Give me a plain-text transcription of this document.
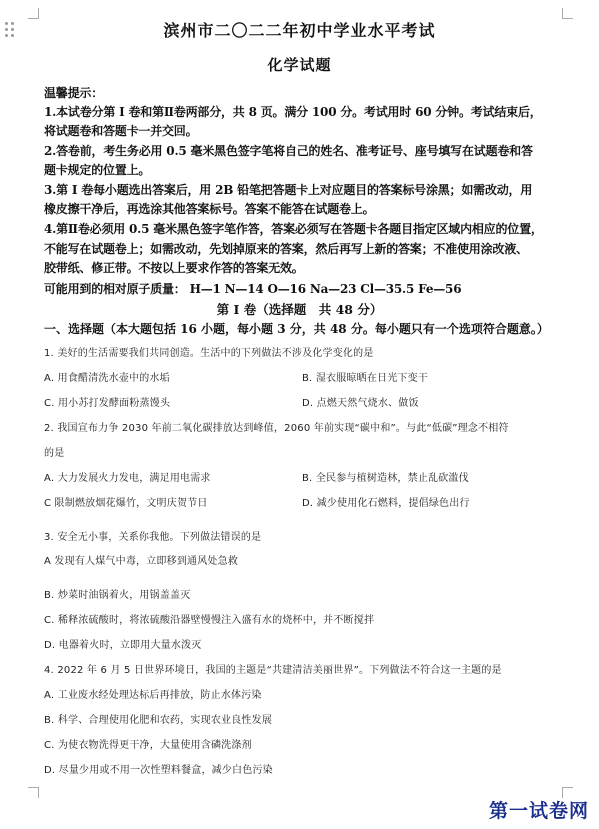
滨州市二〇二二年初中学业水平考试
化学试题
温馨提示：
1.本试卷分第 I 卷和第Ⅱ卷两部分，共 8 页。满分 100 分。考试用时 60 分钟。考试结束后，
将试题卷和答题卡一并交回。
2.答卷前，考生务必用 0.5 毫米黑色签字笔将自己的姓名、准考证号、座号填写在试题卷和答
题卡规定的位置上。
3.第 I 卷每小题选出答案后，用 2B 铅笔把答题卡上对应题目的答案标号涂黑；如需改动，用
橡皮擦干净后，再选涂其他答案标号。答案不能答在试题卷上。
4.第Ⅱ卷必须用 0.5 毫米黑色签字笔作答，答案必须写在答题卡各题目指定区域内相应的位置，
不能写在试题卷上；如需改动，先划掉原来的答案，然后再写上新的答案；不准使用涂改液、
胶带纸、修正带。不按以上要求作答的答案无效。
可能用到的相对原子质量： H—1 N—14 O—16 Na—23 Cl—35.5 Fe—56
第 I 卷（选择题　共 48 分）
一、选择题（本大题包括 16 小题，每小题 3 分，共 48 分。每小题只有一个选项符合题意。）
1. 美好的生活需要我们共同创造。生活中的下列做法不涉及化学变化的是
A. 用食醋清洗水壶中的水垢	B. 湿衣服晾晒在日光下变干
C. 用小苏打发酵面粉蒸馒头	D. 点燃天然气烧水、做饭
2. 我国宣布力争 2030 年前二氧化碳排放达到峰值，2060 年前实现“碳中和”。与此“低碳”理念不相符
的是
A. 大力发展火力发电，满足用电需求	B. 全民参与植树造林，禁止乱砍滥伐
C 限制燃放烟花爆竹，文明庆贺节日	D. 减少使用化石燃料，提倡绿色出行
3. 安全无小事，关系你我他。下列做法错误的是
A 发现有人煤气中毒，立即移到通风处急救
B. 炒菜时油锅着火，用锅盖盖灭
C. 稀释浓硫酸时，将浓硫酸沿器壁慢慢注入盛有水的烧杯中，并不断搅拌
D. 电器着火时，立即用大量水泼灭
4. 2022 年 6 月 5 日世界环境日，我国的主题是“共建清洁美丽世界”。下列做法不符合这一主题的是
A. 工业废水经处理达标后再排放，防止水体污染
B. 科学、合理使用化肥和农药，实现农业良性发展
C. 为使衣物洗得更干净，大量使用含磷洗涤剂
D. 尽量少用或不用一次性塑料餐盒，减少白色污染
第一试卷网
